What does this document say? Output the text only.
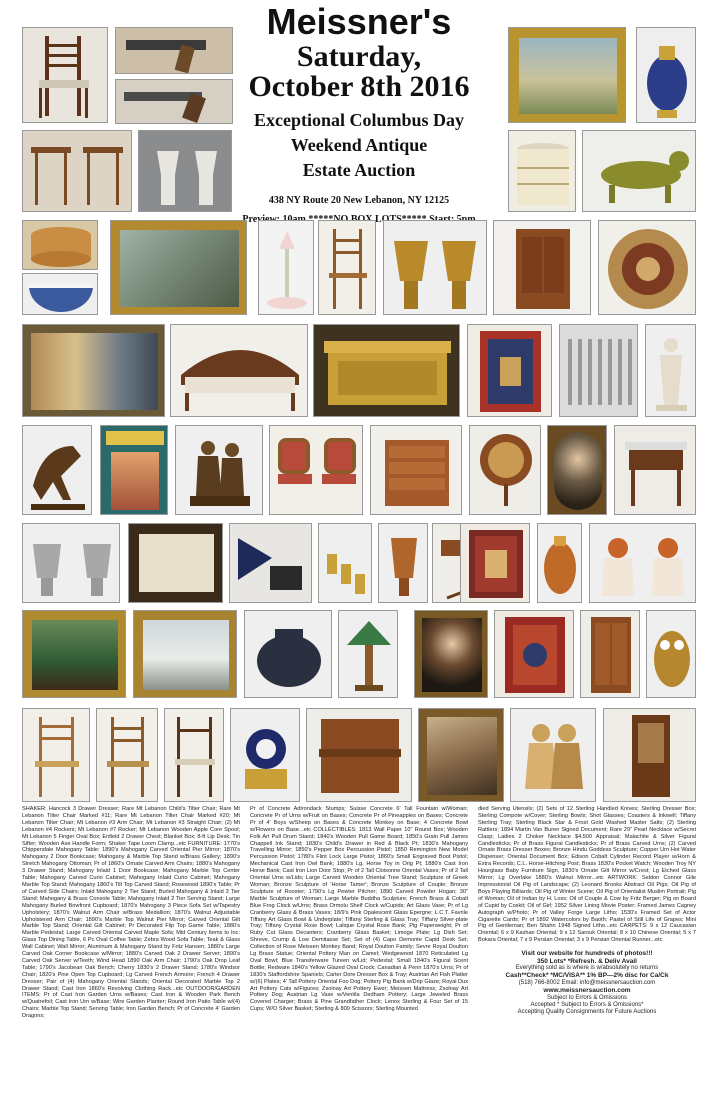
Meissner's
Saturday,
October 8th 2016
Exceptional Columbus Day
Weekend Antique
Estate Auction
438 NY Route 20 New Lebanon, NY 12125
SHAKER: Hancock 3 Drawer Dresser; Rare Mt Lebanon Child's Tilter Chair; Rare Mt Lebanon Tilter Chair Marked #11; Rare Mt Lebanon Tilter Chair Marked #20; Mt Lebanon Tilter Chair; Mt Lebanon #3 Arm Chair; Mt Lebanon #3 Straight Chair; (2) Mt Lebanon #4 Rockers; Mt Lebanon #7 Rocker; Mt Lebanon Wooden Apple Core Spool; Mt Lebanon 5 Finger Oval Box; Enfield 2 Drawer Chest; Blanket Box; 8-ft Lip Desk; Tin Sifter; Wooden Axe Handle Form; Shaker Tape Loom Clamp...etc FURNITURE: 1770's Chippendale Mahogany Table; 1890's Mahogany Carved Oriental Pier Mirror; 1870's Mahogany 2 Door Bookcase; Mahogany & Marble Top Stand w/Brass Gallery; 1890's Stretch Mahogany Ottoman; Pr of 1860's Ornate Carved Arm Chairs; 1880's Mahogany 3 Drawer Stand; Mahogany Inlaid 1 Door Bookcase; Mahogany Marble Top Center Table; Mahogany Carved Curio Cabinet; Mahogany Inlaid Curio Cabinet; Mahogany Marble Top Stand; Mahogany 1860's Tilt Top Carved Stand; Rosewood 1890's Table; Pr of Carved Side Chairs; Inlaid Mahogany 2 Tier Stand; Burled Mahogany & Inlaid 3 Tier Stand; Mahogany & Brass Console Table; Mahogany Inlaid 2 Tier Serving Stand; Large Mahogany Burled Bowfront Cupboard; 1870's Mahogany 3 Piece Sofa Set w/Tapestry Upholstery; 1870's Walnut Arm Chair w/Brass Medallion; 1870's Walnut Adjustable Upholstered Arm Chair; 1890's Marble Top Walnut Pier Mirror; Carved Oriental Gilt Marble Top Stand; Oriental Gilt Cabinet; Pr Decorated Flip Top Game Table; 1880's Marble Pedestal; Large Carved Oriental Carved Maple Sofa; Mid Century Items to Inc: Glass Top Dining Table, 6 Pc Oval Coffee Table; Zebra Wood Sofa Table; Teak & Glass Wall Cabinet; Wall Mirror; Aluminum & Mahogany Stand by Fritz Hansen; 1880's Large Carved Oak Corner Bookcase w/Mirror; 1880's Carved Oak 2 Drawer Server; 1890's Carved Oak Server w/Teeth; Wind Head 1890 Oak Arm Chair; 1790's Oak Drop Leaf Table; 1790's Jacobean Oak Bench; Cherry 1830's 2 Drawer Stand; 1780's Windsor Chair; 1820's Pine Open Top Cupboard; Lg Carved French Armoire; French 4 Drawer Dresser; Pair of (4) Mahogany Oriental Stands; Oriental Decorated Marble Top 2 Drawer Stand; Cast Iron 1860's Revolving Clothing Rack...etc OUTDOOR/GARDEN ITEMS: Pr of Cast Iron Garden Urns w/Bases; Cast Iron & Wooden Park Bench w/Quatrefoil; Cast Iron Urn w/Base; Wire Garden Planter; Round Iron Patio Table w/(4) Chairs; Marble Top Stand; Serving Table; Iron Garden Bench; Pr of Concrete 4' Garden Dragons;
Pr of Concrete Adirondack Stumps; Suisse Concrete 6' Tall Fountain w/Woman; Concrete Pr of Urns w/Fruit on Bases; Concrete Pr of Pineapples on Bases; Concrete Pr of 4' Boys w/Sheep on Bases & Concrete Monkey on Base; 4 Concrete Bowl w/Flowers on Base...etc COLLECTIBLES: 1813 Wall Paper 10" Round Box; Wooden Folk Art Pull Drum Stand; 1840's Wooden Pull Game Board; 1850's Grain Pull James Chappell Ink Stand; 1830's Child's Drawer in Red & Black Pt; 1830's Mahogany Travelling Mirror; 1850's Pepper Box Percussion Pistol; 1850 Remington New Model Percussion Pistol; 1780's Flint Lock Large Pistol; 1860's Small Engraved Boot Pistol; Mechanical Cast Iron Owl Bank; 1880's Lg. Horse Toy in Orig Pt; 1880's Cast Iron Horse Bank; Cast Iron Lion Door Stop; Pr of 2 Tall Cloisonne Oriental Vases; Pr of 2 Tall Oriental Urns w/Lids; Large Carved Wooden Oriental Tree Stand; Sculpture of Greek Woman; Bronze Sculpture of 'Horse Tamer'; Bronze Sculpture of Couple; Bronze Sculpture of Rooster; 1790's Lg Pewter Pitcher; 1890 Carved Powder Hogan; 30" Marble Sculpture of Woman; Large Marble Buddha Sculpture; French Brass & Cobalt Blue Frog Clock w/Urns; Brass Ormolu Shelf Clock w/Cupids; Art Glass Vase; Pr of Lg Cranberry Glass & Brass Vases; 18/9's Pink Opalescent Glass Epergne; L.C.T. Favrile Tiffany Art Glass Bowl & Underplate; Tiffany Sterling & Glass Tray; Tiffany Silver-plate Tray; Tiffany Crystal Rose Bowl; Lalique Crystal Rose Bank; Pig Paperweight; Pr of Ruby Cut Glass Decanters; Cranberry Glass Basket; Limoge Plate; Lg Dish Set; Shreve, Crump & Low Demitasse Set; Set of (4) Capo Demonte Capid Desk Set; Collection of Rose Meissen Monkey Band; Royal Doulton Family; Sevre Royal Doulton Lg Brass Statue; Oriental Pottery Man on Camel; Wedgewood 1870 Reticulated Lg Oval Bowl; Blue Transferware Tureen w/Lid; Pedestal; Small 1840's Figural Scent Bottle; Redware 1840's Yellow Glazed Oval Crock; Canadian & Penn 1870's Urns; Pr of 1830's Staffordshire Spaniels; Carter Dore Dresser Box & Tray; Austrian Art Fish Platter w/(6) Plates; 4' Tall Pottery Oriental Foo Dog; Pottery Pig Bank w/Drip Glaze; Royal Dux Art Pottery Cats w/Figures; Zsolnay Art Pottery Ewer; Meissen Mattress; Zsolnay Art Pottery Dog; Austrian Lg Vase w/Ventila Dedham Pottery; Large Jeweled Brass Covered Charger; Brass & Pine Grandfather Clock; Lenox Sterling & Four Set of 15 Cups; W/O Silver Basket; Sterling & 800 Scissors; Sterling Mounted
died Serving Utensils; (2) Sets of 12 Sterling Handled Knives; Sterling Dresser Box; Sterling Compote w/Cover; Sterling Bowls; Shot Glasses; Coasters & Inkwell; Tiffany Sterling Tray; Sterling Black Star & Frost Gold Washed Master Salts; (2) Sterling Rattlers; 1894 Martin Van Buren Signed Document; Rare 29" Pearl Necklace w/Secret Clasp; Ladies 2 Choker Necklace $4,500 Appraisal; Malachite & Silver Figural Candlesticks; Pr of Brass Figural Candlesticks; Pr of Brass Carved Urns; (2) Carved Ornate Brass Dresser Boxes; Bronze Hindu Goddess Sculpture; Copper Urn Hot Water Dispenser; Oriental Document Box; Edison Cobalt Cylinder Record Player w/Horn & Extra Records; C.L. Horse-Hitching Post; Brass 1830's Pocket Watch; Wooden Troy NY Hourglass Baby Furniture Sign, 1830's Ornate Gilt Mirror w/Crest; Lg Etched Glass Mirror; Lg Overlake 1880's Walnut Mirror...etc ARTWORK: Seldon Connor Gile Impressionist Oil Pig of Landscape; (2) Leonard Brooks Abstract Oil Pigs; Oil Pig of Boys Playing Billiards; Oil Pig of Winter Scene; Oil Pig of Orientalist Muslim Portrait; Pig of Woman; Oil of Indian by H. Loss; Oil of Couple & Cow by Fritz Berger; Pig on Board of Cupid by Coskit; Oil of Girl; 1952 Silver Lining Movie Poster; Framed James Cagney Autograph w/Photo; Pr of Valley Forge Large Litho; 1530's Framed Set of Actor Cigarette Cards; Pr of 1892 Watercolors by Baoth; Pastel of Still Life of Grapes; Mini Pig of Gentleman; Ben Shahn 1948 Signed Litho...etc CARPETS: 9 x 12 Caucasian Oriental; 6 x 9 Kashan Oriental; 9 x 12 Sarouk Oriental; 8 x 10 Chinese Oriental; 5 x 7 Bokara Oriental; 7 x 9 Persian Oriental; 3 x 9 Persian Oriental Runner...etc
Visit our website for hundreds of photos!!!
350 Lots* *Refresh. & Deliv Avail
Everything sold as is where is w/absolutely no returns
Cash**Check* *MC/VISA** 1% BP—2% disc for Ca/Ck
(518) 766-8002 Email: info@meissnersauction.com
www.meissnersauction.com
Subject to Errors & Omissions
Accepted * Subject to Errors & Omissions*
Accepting Quality Consignments for Future Auctions
